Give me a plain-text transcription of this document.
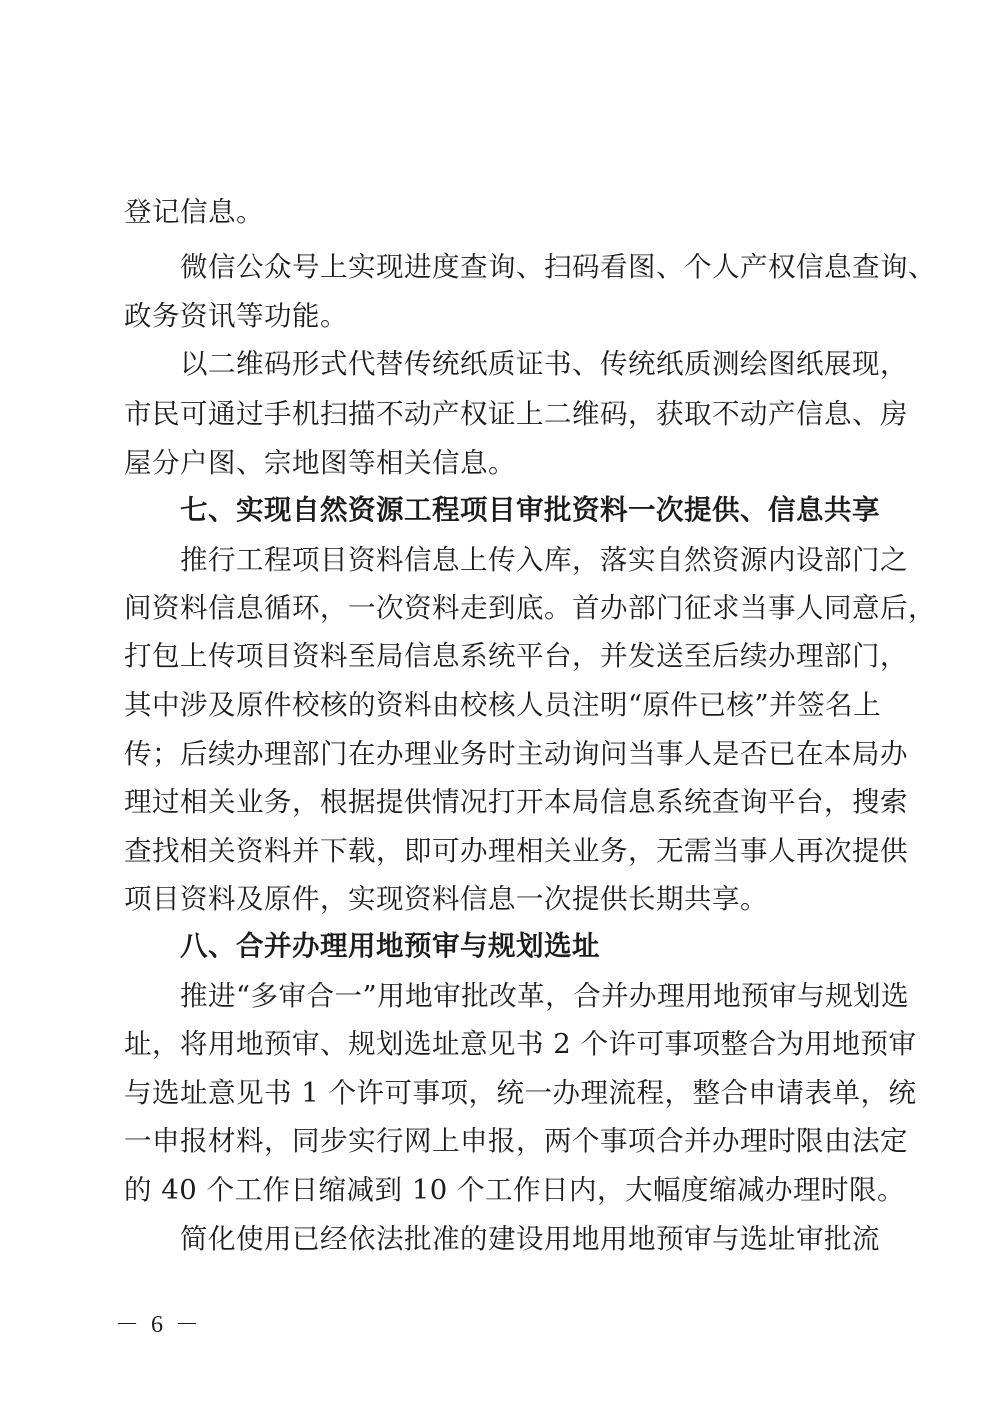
登记信息。
微信公众号上实现进度查询、扫码看图、个人产权信息查询、
政务资讯等功能。
以二维码形式代替传统纸质证书、传统纸质测绘图纸展现，
市民可通过手机扫描不动产权证上二维码，获取不动产信息、房
屋分户图、宗地图等相关信息。
七、实现自然资源工程项目审批资料一次提供、信息共享
推行工程项目资料信息上传入库，落实自然资源内设部门之
间资料信息循环，一次资料走到底。首办部门征求当事人同意后，
打包上传项目资料至局信息系统平台，并发送至后续办理部门，
其中涉及原件校核的资料由校核人员注明“原件已核”并签名上
传；后续办理部门在办理业务时主动询问当事人是否已在本局办
理过相关业务，根据提供情况打开本局信息系统查询平台，搜索
查找相关资料并下载，即可办理相关业务，无需当事人再次提供
项目资料及原件，实现资料信息一次提供长期共享。
八、合并办理用地预审与规划选址
推进“多审合一”用地审批改革，合并办理用地预审与规划选
址，将用地预审、规划选址意见书 2 个许可事项整合为用地预审
与选址意见书 1 个许可事项，统一办理流程，整合申请表单，统
一申报材料，同步实行网上申报，两个事项合并办理时限由法定
的 40 个工作日缩减到 10 个工作日内，大幅度缩减办理时限。
简化使用已经依法批准的建设用地用地预审与选址审批流
－ 6 －
